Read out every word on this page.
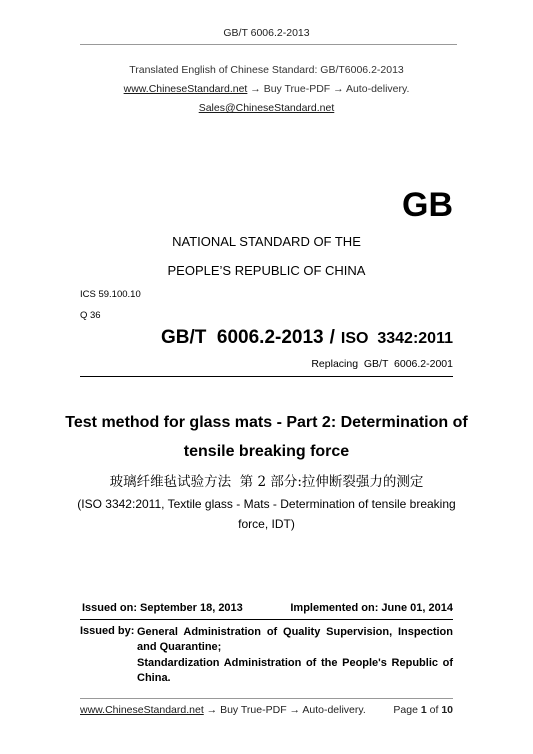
GB/T 6006.2-2013
Translated English of Chinese Standard: GB/T6006.2-2013
www.ChineseStandard.net → Buy True-PDF → Auto-delivery.
Sales@ChineseStandard.net
GB
NATIONAL STANDARD OF THE
PEOPLE’S REPUBLIC OF CHINA
ICS 59.100.10
Q 36
GB/T  6006.2-2013 / ISO  3342:2011
Replacing  GB/T  6006.2-2001
Test method for glass mats - Part 2: Determination of
tensile breaking force
玻璃纤维毡试验方法  第 2 部分:拉伸断裂强力的测定
(ISO 3342:2011, Textile glass - Mats - Determination of tensile breaking
force, IDT)
Issued on: September 18, 2013	Implemented on: June 01, 2014
Issued by: General Administration of Quality Supervision, Inspection and Quarantine;
Standardization Administration of the People's Republic of China.
www.ChineseStandard.net → Buy True-PDF → Auto-delivery.	Page 1 of 10
